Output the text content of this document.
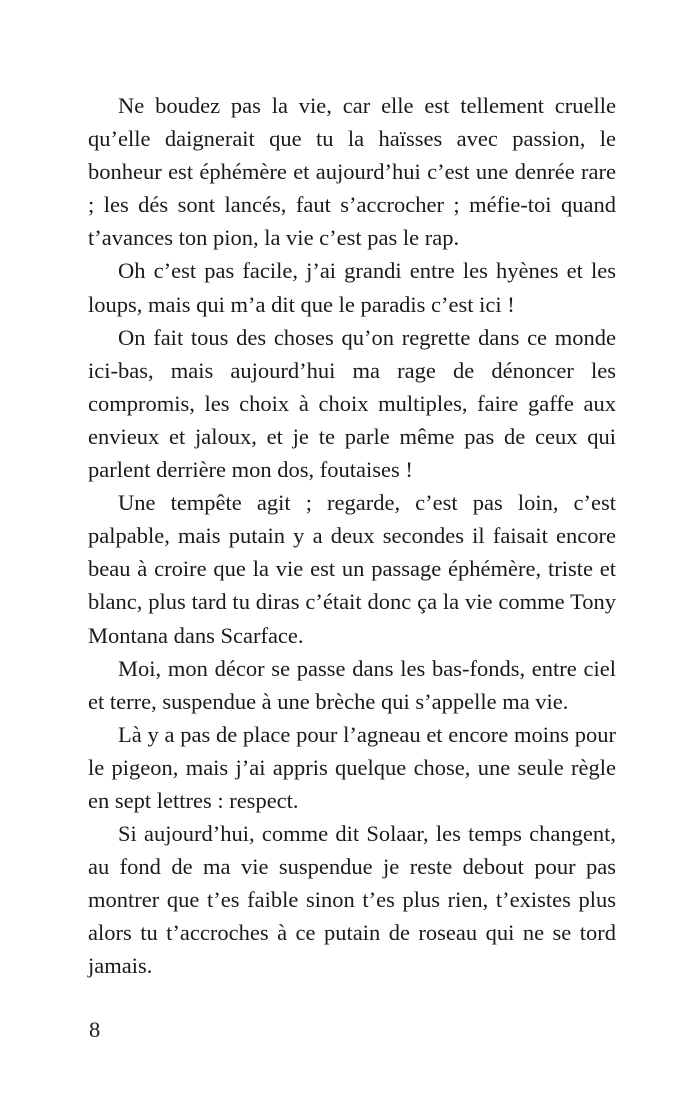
Ne boudez pas la vie, car elle est tellement cruelle qu’elle daignerait que tu la haïsses avec passion, le bonheur est éphémère et aujourd’hui c’est une denrée rare ; les dés sont lancés, faut s’accrocher ; méfie-toi quand t’avances ton pion, la vie c’est pas le rap.

Oh c’est pas facile, j’ai grandi entre les hyènes et les loups, mais qui m’a dit que le paradis c’est ici !

On fait tous des choses qu’on regrette dans ce monde ici-bas, mais aujourd’hui ma rage de dénoncer les compromis, les choix à choix multiples, faire gaffe aux envieux et jaloux, et je te parle même pas de ceux qui parlent derrière mon dos, foutaises !

Une tempête agit ; regarde, c’est pas loin, c’est palpable, mais putain y a deux secondes il faisait encore beau à croire que la vie est un passage éphémère, triste et blanc, plus tard tu diras c’était donc ça la vie comme Tony Montana dans Scarface.

Moi, mon décor se passe dans les bas-fonds, entre ciel et terre, suspendue à une brèche qui s’appelle ma vie.

Là y a pas de place pour l’agneau et encore moins pour le pigeon, mais j’ai appris quelque chose, une seule règle en sept lettres : respect.

Si aujourd’hui, comme dit Solaar, les temps changent, au fond de ma vie suspendue je reste debout pour pas montrer que t’es faible sinon t’es plus rien, t’existes plus alors tu t’accroches à ce putain de roseau qui ne se tord jamais.

8
